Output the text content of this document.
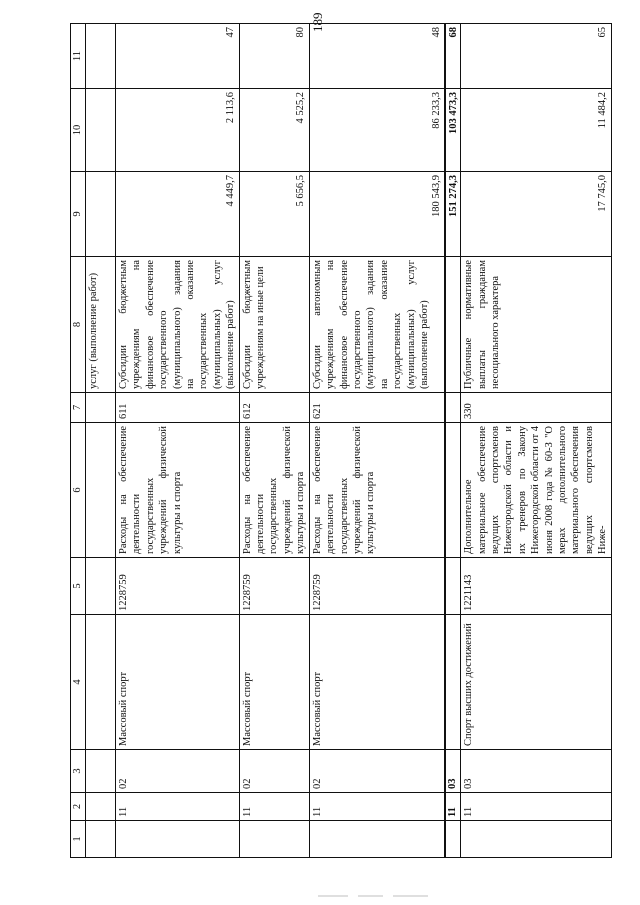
189
1	2	3	4	5	6	7	8	9	10	11
							услуг (выполнение работ)			
	11	02	Массовый спорт	1228759	Расходы на обеспечение деятельности государственных учреждений физической культуры и спорта	611	Субсидии бюджетным учреждениям на финансовое обеспечение государственного (муниципального) задания на оказание государственных (муниципальных) услуг (выполнение работ)	4 449,7	2 113,6	47
	11	02	Массовый спорт	1228759	Расходы на обеспечение деятельности государственных учреждений физической культуры и спорта	612	Субсидии бюджетным учреждениям на иные цели	5 656,5	4 525,2	80
	11	02	Массовый спорт	1228759	Расходы на обеспечение деятельности государственных учреждений физической культуры и спорта	621	Субсидии автономным учреждениям на финансовое обеспечение государственного (муниципального) задания на оказание государственных (муниципальных) услуг (выполнение работ)	180 543,9	86 233,3	48
	11	03						151 274,3	103 473,3	68
	11	03	Спорт высших достижений	1221143	Дополнительное материальное обеспечение ведущих спортсменов Нижегородской области и их тренеров по Закону Нижегородской области от 4 июня 2008 года № 60-З "О мерах дополнительного материального обеспечения ведущих спортсменов Ниже-	330	Публичные нормативные выплаты гражданам несоциального характера	17 745,0	11 484,2	65
